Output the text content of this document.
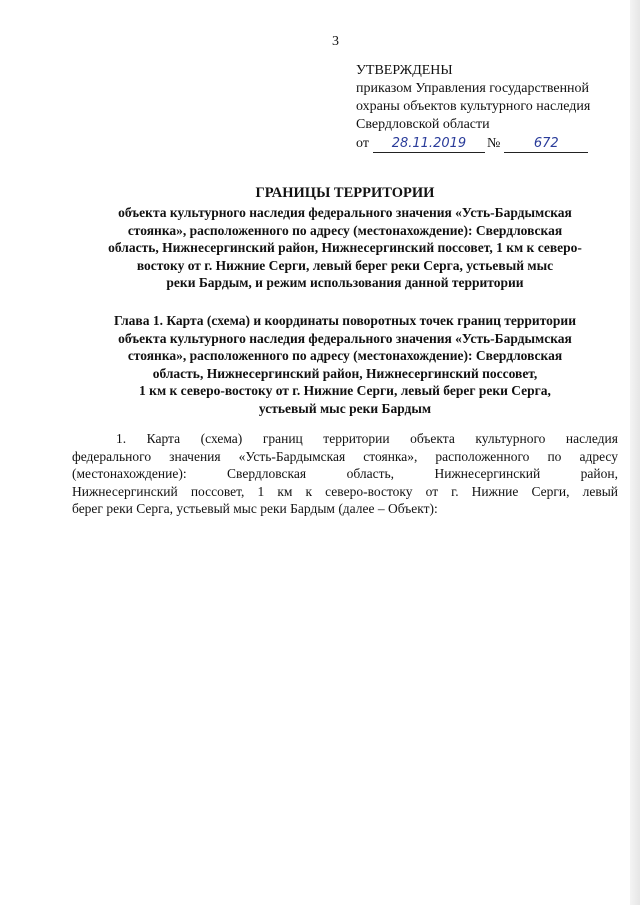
3
УТВЕРЖДЕНЫ
приказом Управления государственной
охраны объектов культурного наследия
Свердловской области
от	28.11.2019	№	672
ГРАНИЦЫ ТЕРРИТОРИИ
объекта культурного наследия федерального значения «Усть-Бардымская
стоянка», расположенного по адресу (местонахождение): Свердловская
область, Нижнесергинский район, Нижнесергинский поссовет, 1 км к северо-
востоку от г. Нижние Серги, левый берег реки Серга, устьевый мыс
реки Бардым, и режим использования данной территории
Глава 1. Карта (схема) и координаты поворотных точек границ территории
объекта культурного наследия федерального значения «Усть-Бардымская
стоянка», расположенного по адресу (местонахождение): Свердловская
область, Нижнесергинский район, Нижнесергинский поссовет,
1 км к северо-востоку от г. Нижние Серги, левый берег реки Серга,
устьевый мыс реки Бардым
1. Карта (схема) границ территории объекта культурного наследия
федерального значения «Усть-Бардымская стоянка», расположенного по адресу
(местонахождение): Свердловская область, Нижнесергинский район,
Нижнесергинский поссовет, 1 км к северо-востоку от г. Нижние Серги, левый
берег реки Серга, устьевый мыс реки Бардым (далее – Объект):
